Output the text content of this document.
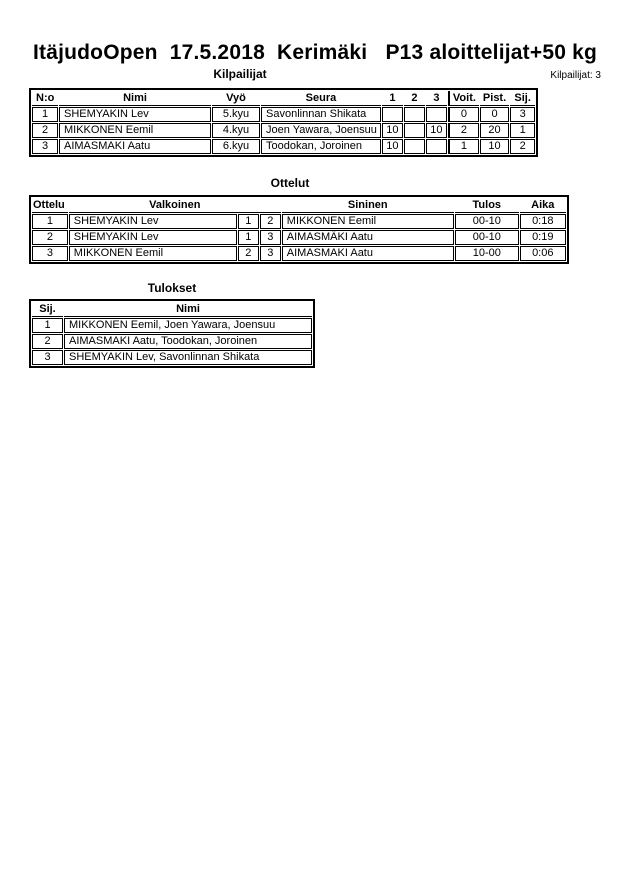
ItäjudoOpen  17.5.2018  Kerimäki   P13 aloittelijat+50 kg
Kilpailijat	Kilpailijat: 3
N:o	Nimi	Vyö	Seura	1	2	3	Voit.	Pist.	Sij.
1	SHEMYAKIN Lev	5.kyu	Savonlinnan Shikata				0	0	3
2	MIKKONEN Eemil	4.kyu	Joen Yawara, Joensuu	10		10	2	20	1
3	AIMASMAKI Aatu	6.kyu	Toodokan, Joroinen	10			1	10	2
Ottelut
Ottelu	Valkoinen			Sininen	Tulos	Aika
1	SHEMYAKIN Lev	1	2	MIKKONEN Eemil	00-10	0:18
2	SHEMYAKIN Lev	1	3	AIMASMÄKI Aatu	00-10	0:19
3	MIKKONEN Eemil	2	3	AIMASMAKI Aatu	10-00	0:06
Tulokset
Sij.	Nimi
1	MIKKONEN Eemil, Joen Yawara, Joensuu
2	AIMASMAKI Aatu, Toodokan, Joroinen
3	SHEMYAKIN Lev, Savonlinnan Shikata
